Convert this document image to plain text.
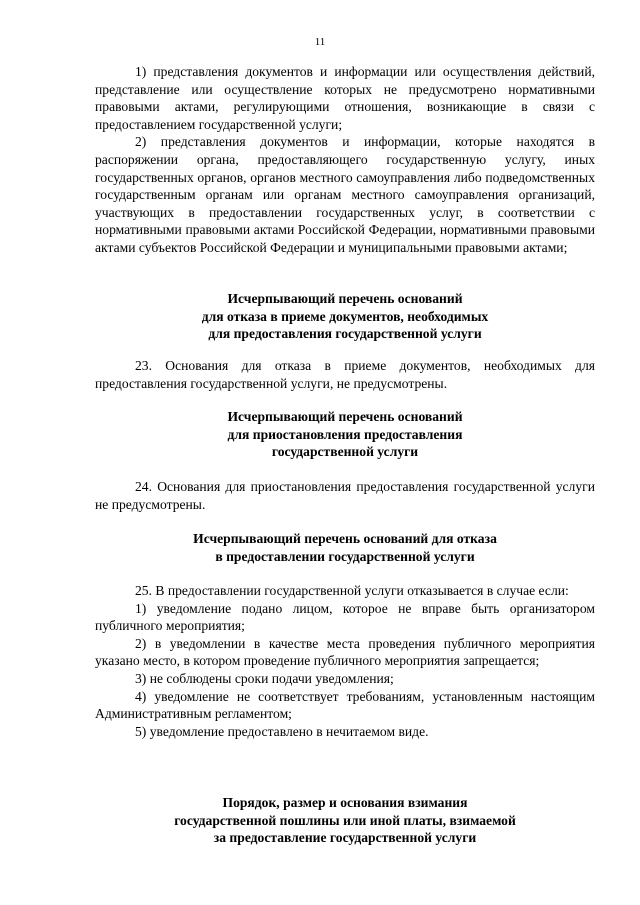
11

1) представления документов и информации или осуществления действий, представление или осуществление которых не предусмотрено нормативными правовыми актами, регулирующими отношения, возникающие в связи с предоставлением государственной услуги;

2) представления документов и информации, которые находятся в распоряжении органа, предоставляющего государственную услугу, иных государственных органов, органов местного самоуправления либо подведомственных государственным органам или органам местного самоуправления организаций, участвующих в предоставлении государственных услуг, в соответствии с нормативными правовыми актами Российской Федерации, нормативными правовыми актами субъектов Российской Федерации и муниципальными правовыми актами;

Исчерпывающий перечень оснований
для отказа в приеме документов, необходимых
для предоставления государственной услуги

23. Основания для отказа в приеме документов, необходимых для предоставления государственной услуги, не предусмотрены.

Исчерпывающий перечень оснований
для приостановления предоставления
государственной услуги

24. Основания для приостановления предоставления государственной услуги не предусмотрены.

Исчерпывающий перечень оснований для отказа
в предоставлении государственной услуги

25. В предоставлении государственной услуги отказывается в случае если:

1) уведомление подано лицом, которое не вправе быть организатором публичного мероприятия;

2) в уведомлении в качестве места проведения публичного мероприятия указано место, в котором проведение публичного мероприятия запрещается;

3) не соблюдены сроки подачи уведомления;

4) уведомление не соответствует требованиям, установленным настоящим Административным регламентом;

5) уведомление предоставлено в нечитаемом виде.

Порядок, размер и основания взимания
государственной пошлины или иной платы, взимаемой
за предоставление государственной услуги
